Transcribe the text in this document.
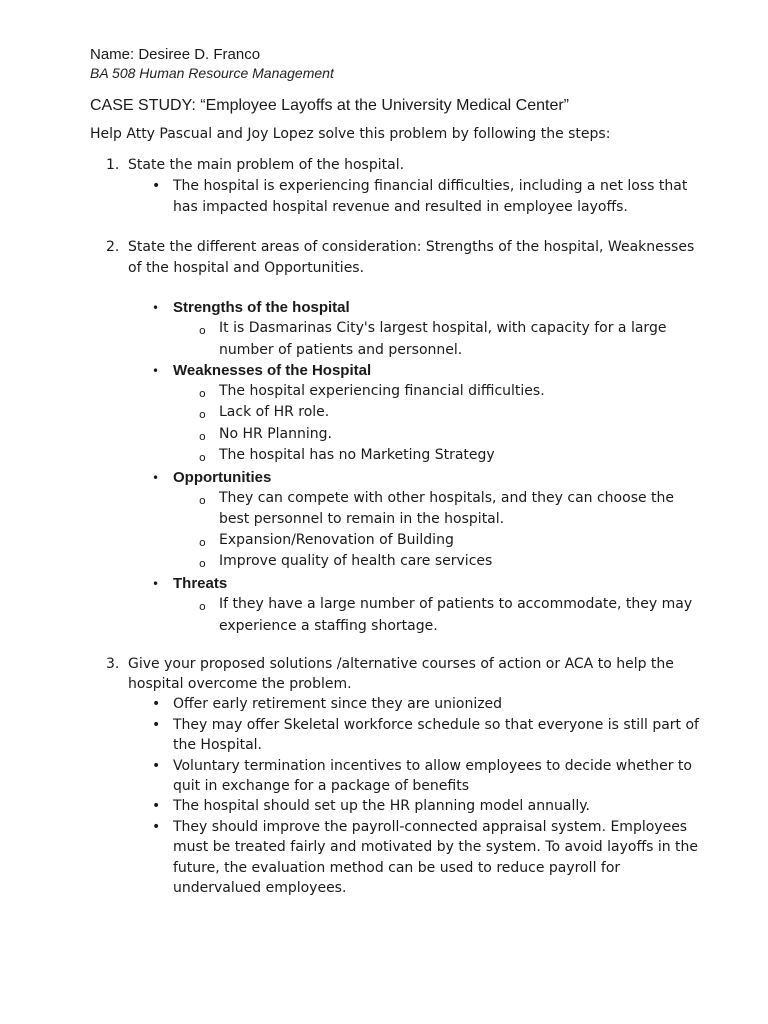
Name: Desiree D. Franco
BA 508 Human Resource Management
CASE STUDY: “Employee Layoffs at the University Medical Center”
Help Atty Pascual and Joy Lopez solve this problem by following the steps:
1. State the main problem of the hospital.
• The hospital is experiencing financial difficulties, including a net loss that
has impacted hospital revenue and resulted in employee layoffs.
2. State the different areas of consideration: Strengths of the hospital, Weaknesses
of the hospital and Opportunities.
• Strengths of the hospital
o It is Dasmarinas City's largest hospital, with capacity for a large
number of patients and personnel.
• Weaknesses of the Hospital
o The hospital experiencing financial difficulties.
o Lack of HR role.
o No HR Planning.
o The hospital has no Marketing Strategy
• Opportunities
o They can compete with other hospitals, and they can choose the
best personnel to remain in the hospital.
o Expansion/Renovation of Building
o Improve quality of health care services
• Threats
o If they have a large number of patients to accommodate, they may
experience a staffing shortage.
3. Give your proposed solutions /alternative courses of action or ACA to help the
hospital overcome the problem.
• Offer early retirement since they are unionized
• They may offer Skeletal workforce schedule so that everyone is still part of
the Hospital.
• Voluntary termination incentives to allow employees to decide whether to
quit in exchange for a package of benefits
• The hospital should set up the HR planning model annually.
• They should improve the payroll-connected appraisal system. Employees
must be treated fairly and motivated by the system. To avoid layoffs in the
future, the evaluation method can be used to reduce payroll for
undervalued employees.
